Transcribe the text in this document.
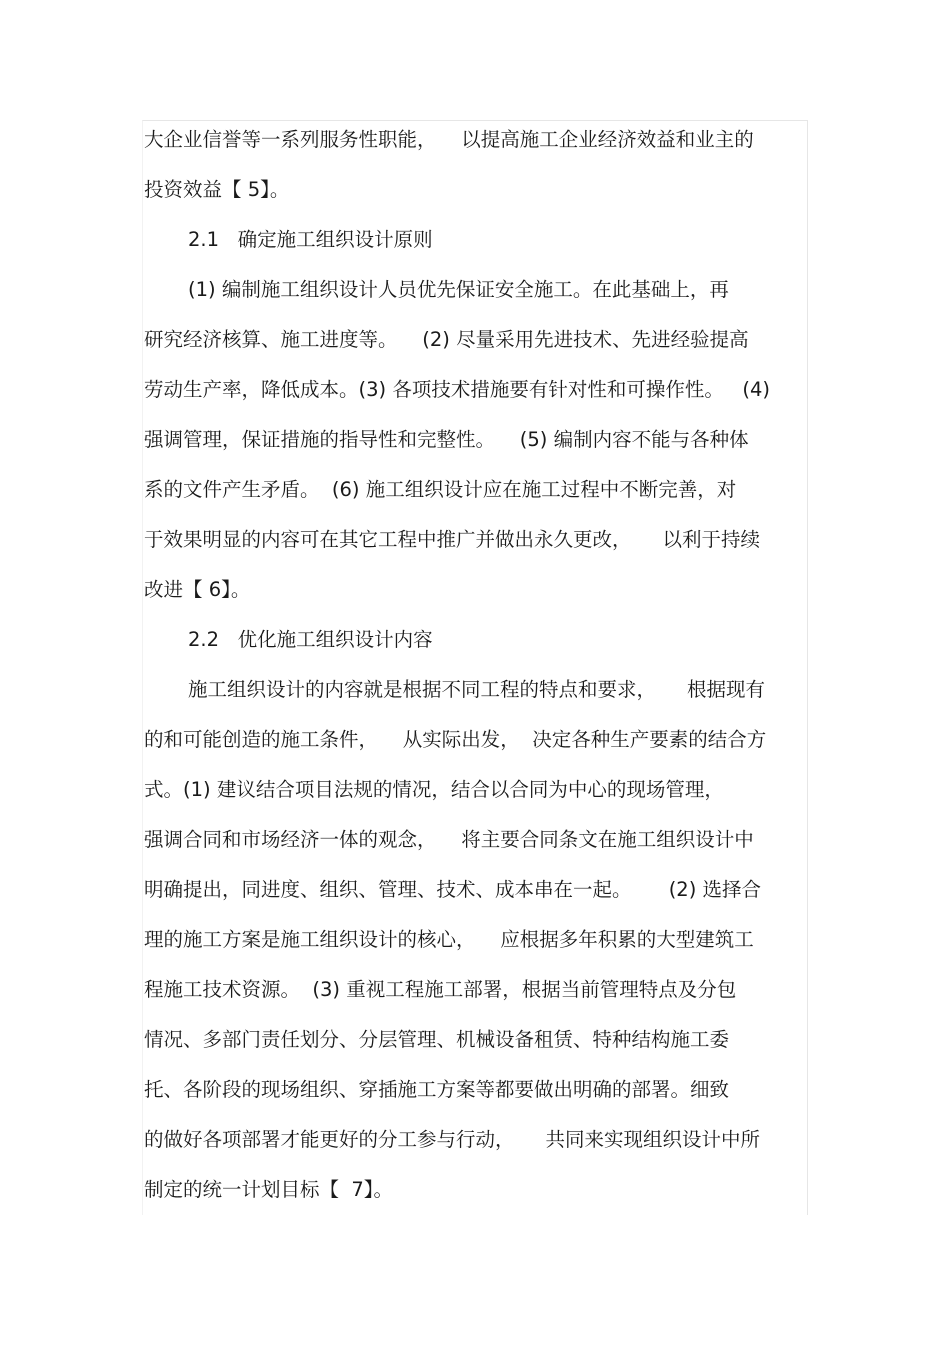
大企业信誉等一系列服务性职能，    以提高施工企业经济效益和业主的

投资效益【 5】。

2.1   确定施工组织设计原则

(1) 编制施工组织设计人员优先保证安全施工。在此基础上，再

研究经济核算、施工进度等。    (2) 尽量采用先进技术、先进经验提高

劳动生产率，降低成本。(3) 各项技术措施要有针对性和可操作性。   (4)

强调管理，保证措施的指导性和完整性。    (5) 编制内容不能与各种体

系的文件产生矛盾。  (6) 施工组织设计应在施工过程中不断完善，对

于效果明显的内容可在其它工程中推广并做出永久更改，     以利于持续

改进【 6】。

2.2   优化施工组织设计内容

施工组织设计的内容就是根据不同工程的特点和要求，     根据现有

的和可能创造的施工条件，    从实际出发，  决定各种生产要素的结合方

式。(1) 建议结合项目法规的情况，结合以合同为中心的现场管理，

强调合同和市场经济一体的观念，    将主要合同条文在施工组织设计中

明确提出，同进度、组织、管理、技术、成本串在一起。      (2) 选择合

理的施工方案是施工组织设计的核心，    应根据多年积累的大型建筑工

程施工技术资源。  (3) 重视工程施工部署，根据当前管理特点及分包

情况、多部门责任划分、分层管理、机械设备租赁、特种结构施工委

托、各阶段的现场组织、穿插施工方案等都要做出明确的部署。细致

的做好各项部署才能更好的分工参与行动，     共同来实现组织设计中所

制定的统一计划目标【  7】。
